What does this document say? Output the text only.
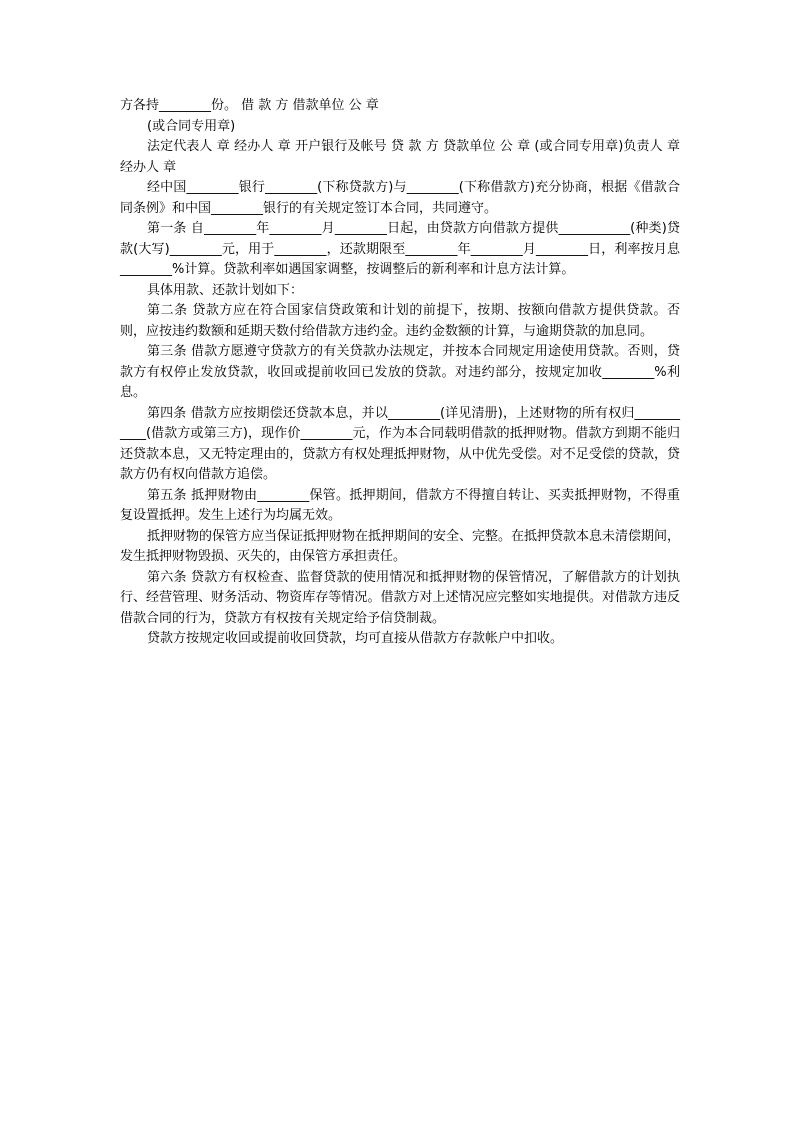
方各持________份。 借 款 方 借款单位 公 章

(或合同专用章)

法定代表人 章 经办人 章 开户银行及帐号 贷 款 方 贷款单位 公 章 (或合同专用章)负责人 章 经办人 章

经中国________银行________(下称贷款方)与________(下称借款方)充分协商，根据《借款合同条例》和中国________银行的有关规定签订本合同，共同遵守。

第一条 自________年________月________日起，由贷款方向借款方提供___________(种类)贷款(大写)________元，用于________，还款期限至________年________月________日，利率按月息________%计算。贷款利率如遇国家调整，按调整后的新利率和计息方法计算。

具体用款、还款计划如下：

第二条 贷款方应在符合国家信贷政策和计划的前提下，按期、按额向借款方提供贷款。否则，应按违约数额和延期天数付给借款方违约金。违约金数额的计算，与逾期贷款的加息同。

第三条 借款方愿遵守贷款方的有关贷款办法规定，并按本合同规定用途使用贷款。否则，贷款方有权停止发放贷款，收回或提前收回已发放的贷款。对违约部分，按规定加收________%利息。

第四条 借款方应按期偿还贷款本息，并以________(详见清册)，上述财物的所有权归___________(借款方或第三方)，现作价________元，作为本合同载明借款的抵押财物。借款方到期不能归还贷款本息，又无特定理由的，贷款方有权处理抵押财物，从中优先受偿。对不足受偿的贷款，贷款方仍有权向借款方追偿。

第五条 抵押财物由________保管。抵押期间，借款方不得擅自转让、买卖抵押财物，不得重复设置抵押。发生上述行为均属无效。

抵押财物的保管方应当保证抵押财物在抵押期间的安全、完整。在抵押贷款本息未清偿期间，发生抵押财物毁损、灭失的，由保管方承担责任。

第六条 贷款方有权检查、监督贷款的使用情况和抵押财物的保管情况，了解借款方的计划执行、经营管理、财务活动、物资库存等情况。借款方对上述情况应完整如实地提供。对借款方违反借款合同的行为，贷款方有权按有关规定给予信贷制裁。

贷款方按规定收回或提前收回贷款，均可直接从借款方存款帐户中扣收。
